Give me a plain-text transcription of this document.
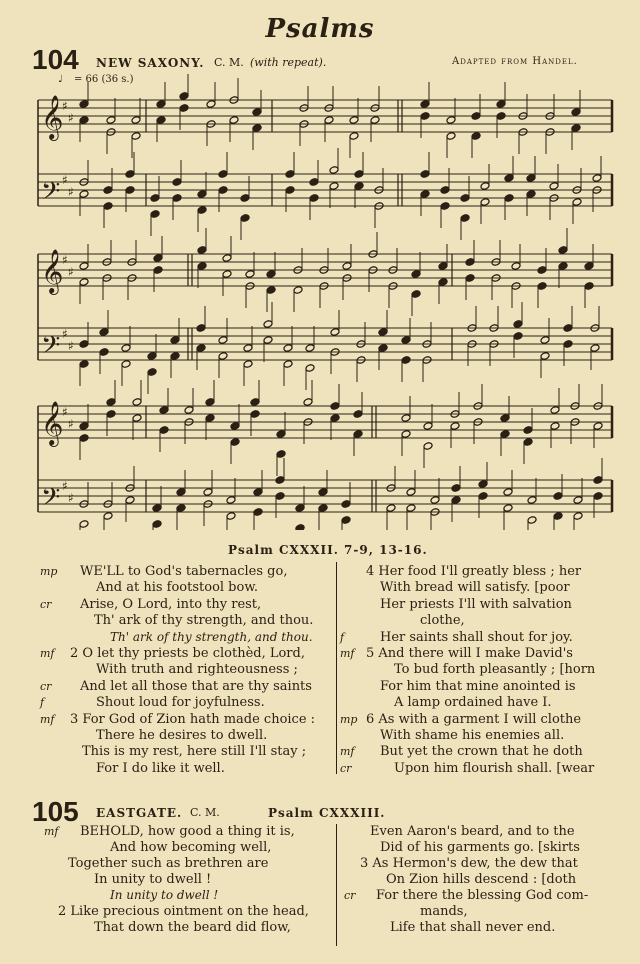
Psalms
104 NEW SAXONY. C. M. (with repeat).	Adapted from Handel.
♩ = 66 (36 s.)
𝄞
♯
♯
𝄢 ♯
♯
𝄞
♯
♯
𝄢 ♯
♯
𝄞
♯
♯
𝄢 ♯
♯
Psalm CXXXII. 7-9, 13-16.
mp WE'LL to God's tabernacles go,
And at his footstool bow.
cr Arise, O Lord, into thy rest,
Th' ark of thy strength, and thou.
Th' ark of thy strength, and thou.
mf 2 O let thy priests be clothèd, Lord,
With truth and righteousness ;
cr And let all those that are thy saints
f	Shout loud for joyfulness.
mf 3 For God of Zion hath made choice :
There he desires to dwell.
This is my rest, here still I'll stay ;
For I do like it well.
4 Her food I'll greatly bless ; her
With bread will satisfy. [poor
Her priests I'll with salvation
clothe,
f	Her saints shall shout for joy.
mf 5 And there will I make David's
To bud forth pleasantly ; [horn
For him that mine anointed is
A lamp ordained have I.
mp 6 As with a garment I will clothe
With shame his enemies all.
mf But yet the crown that he doth
cr	Upon him flourish shall. [wear
105 EASTGATE. C. M.	Psalm CXXXIII.
mf BEHOLD, how good a thing it is,
And how becoming well,
Together such as brethren are
In unity to dwell !
In unity to dwell !
2 Like precious ointment on the head,
That down the beard did flow,
Even Aaron's beard, and to the
Did of his garments go. [skirts
3 As Hermon's dew, the dew that
On Zion hills descend : [doth
cr For there the blessing God com-
mands,
Life that shall never end.
